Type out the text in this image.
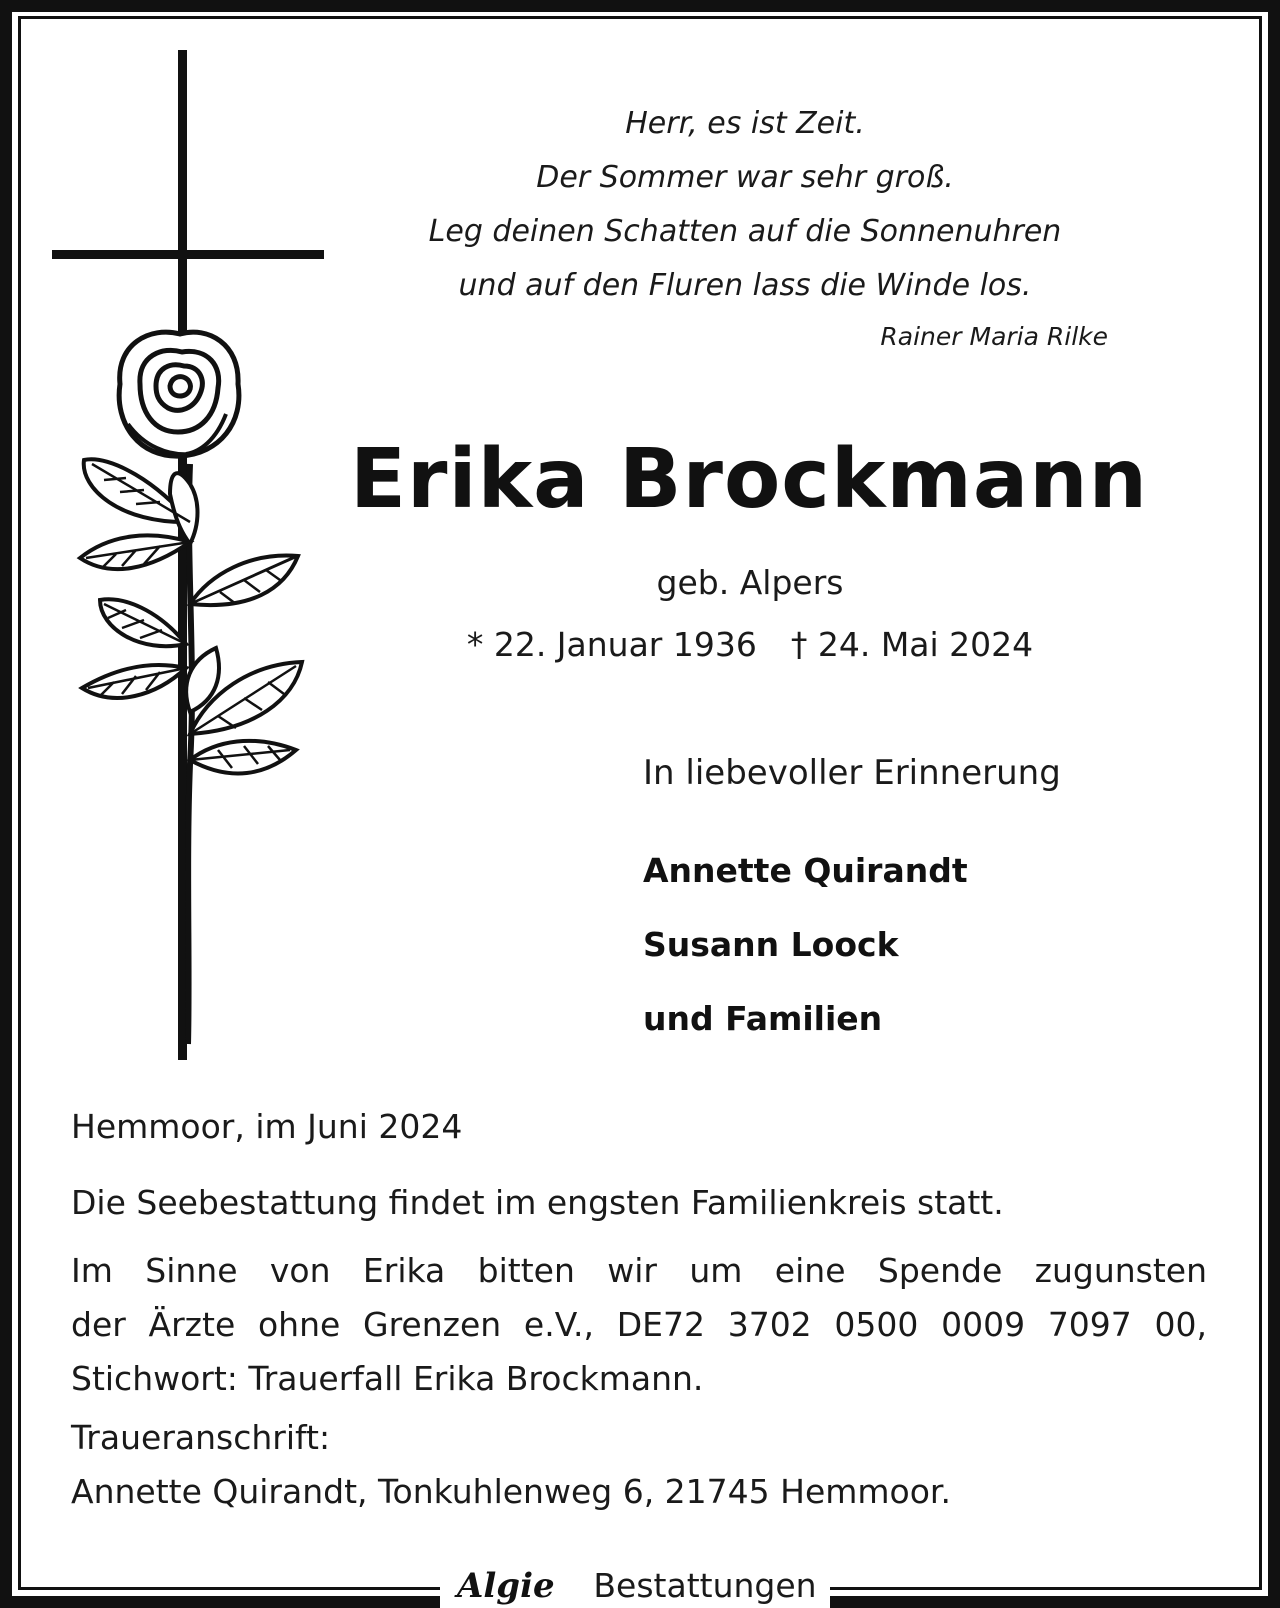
Herr, es ist Zeit.
Der Sommer war sehr groß.
Leg deinen Schatten auf die Sonnenuhren
und auf den Fluren lass die Winde los.
Rainer Maria Rilke
Erika Brockmann
geb. Alpers
* 22. Januar 1936 † 24. Mai 2024
In liebevoller Erinnerung
Annette Quirandt
Susann Loock
und Familien
Hemmoor, im Juni 2024
Die Seebestattung findet im engsten Familienkreis statt.
Im Sinne von Erika bitten wir um eine Spende zugunsten
der Ärzte ohne Grenzen e.V., DE72 3702 0500 0009 7097 00,
Stichwort: Trauerfall Erika Brockmann.
Traueranschrift:
Annette Quirandt, Tonkuhlenweg 6, 21745 Hemmoor.
Algie Bestattungen
